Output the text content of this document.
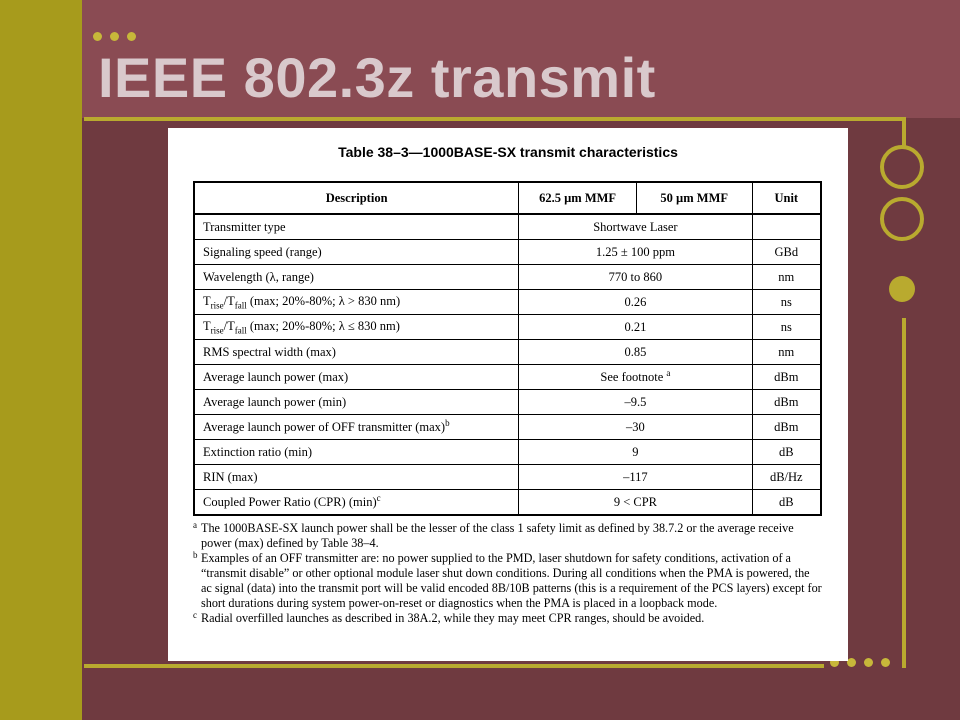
IEEE 802.3z transmit
Table 38–3—1000BASE-SX transmit characteristics
Description	62.5 µm MMF	50 µm MMF	Unit
Transmitter type	Shortwave Laser		
Signaling speed (range)	1.25 ± 100 ppm		GBd
Wavelength (λ, range)	770 to 860		nm
$T_{rise}/T_{fall}$ (max; 20%-80%; λ > 830 nm)	0.26		ns
$T_{rise}/T_{fall}$ (max; 20%-80%; λ ≤ 830 nm)	0.21		ns
RMS spectral width (max)	0.85		nm
Average launch power (max)	See footnote $^a$		dBm
Average launch power (min)	–9.5		dBm
Average launch power of OFF transmitter $(\max)^b$	–30		dBm
Extinction ratio (min)	9		dB
RIN (max)	–117		dB/Hz
Coupled Power Ratio (CPR) $(\min)^c$	9 < CPR		dB

a The 1000BASE-SX launch power shall be the lesser of the class 1 safety limit as defined by 38.7.2 or the average receive power (max) defined by Table 38–4.

b Examples of an OFF transmitter are: no power supplied to the PMD, laser shutdown for safety conditions, activation of a “transmit disable” or other optional module laser shut down conditions. During all conditions when the PMA is powered, the ac signal (data) into the transmit port will be valid encoded 8B/10B patterns (this is a requirement of the PCS layers) except for short durations during system power-on-reset or diagnostics when the PMA is placed in a loopback mode.

c Radial overfilled launches as described in 38A.2, while they may meet CPR ranges, should be avoided.
